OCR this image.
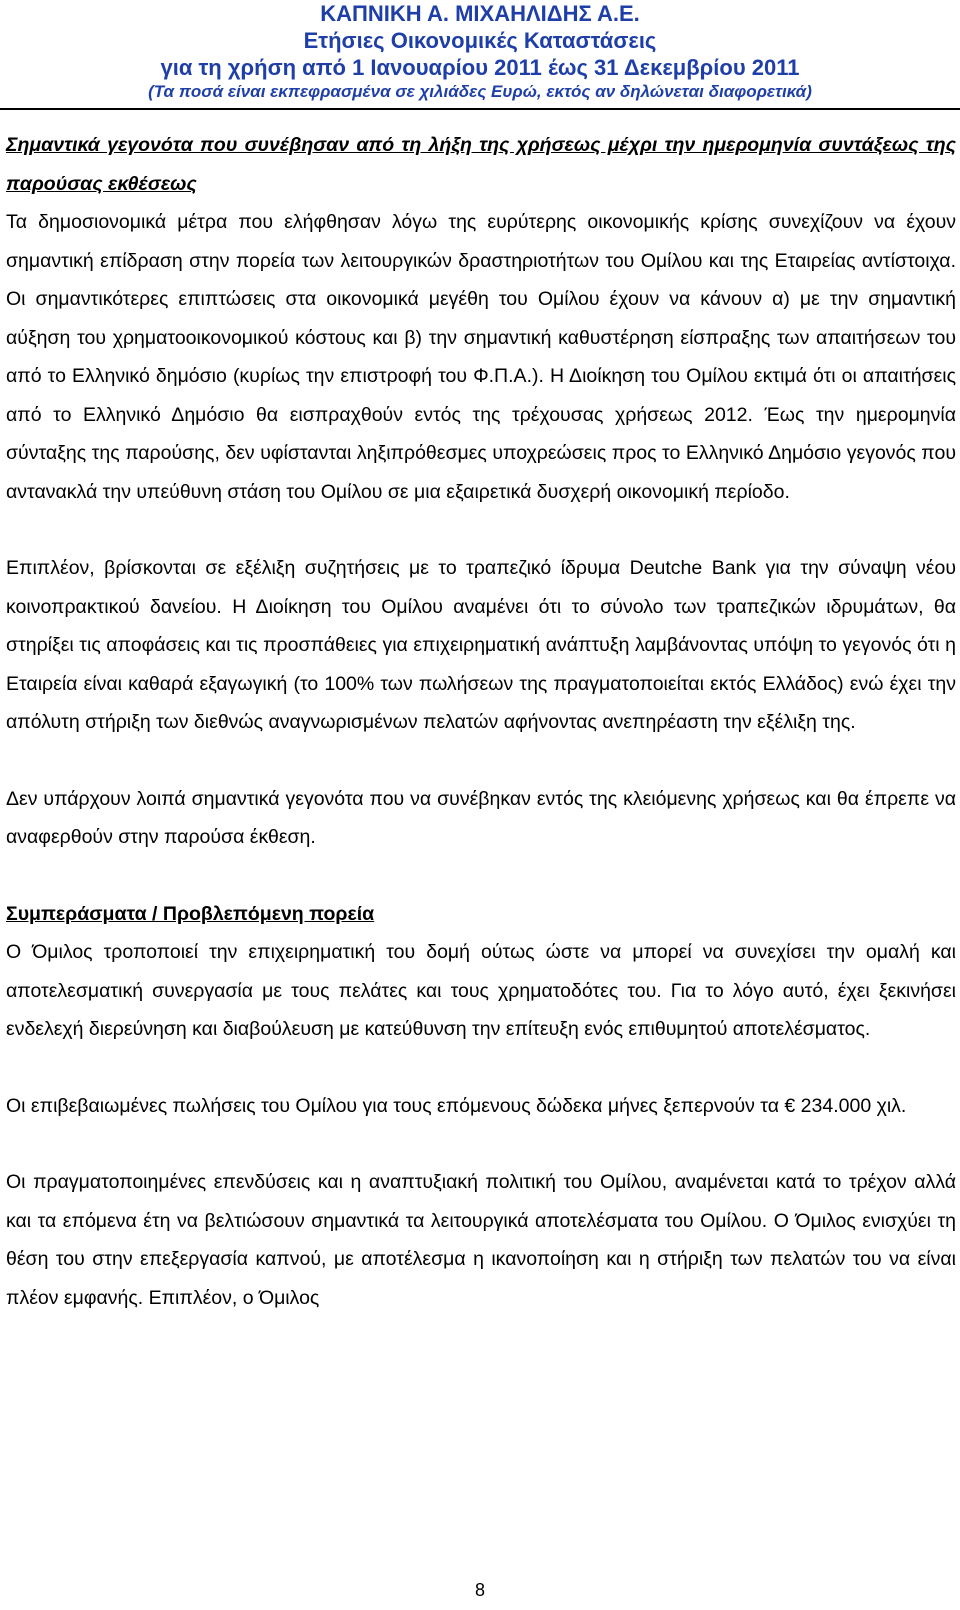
ΚΑΠΝΙΚΗ Α. ΜΙΧΑΗΛΙΔΗΣ Α.Ε.
Ετήσιες Οικονομικές Καταστάσεις
για τη χρήση από 1 Ιανουαρίου 2011 έως 31 Δεκεμβρίου 2011
(Τα ποσά είναι εκπεφρασμένα σε χιλιάδες Ευρώ, εκτός αν δηλώνεται διαφορετικά)

Σημαντικά γεγονότα που συνέβησαν από τη λήξη της χρήσεως μέχρι την ημερομηνία συντάξεως της παρούσας εκθέσεως

Τα δημοσιονομικά μέτρα που ελήφθησαν λόγω της ευρύτερης οικονομικής κρίσης συνεχίζουν να έχουν σημαντική επίδραση στην πορεία των λειτουργικών δραστηριοτήτων του Ομίλου και της Εταιρείας αντίστοιχα. Οι σημαντικότερες επιπτώσεις στα οικονομικά μεγέθη του Ομίλου έχουν να κάνουν α) με την σημαντική αύξηση του χρηματοοικονομικού κόστους και β) την σημαντική καθυστέρηση είσπραξης των απαιτήσεων του από το Ελληνικό δημόσιο (κυρίως την επιστροφή του Φ.Π.Α.). Η Διοίκηση του Ομίλου εκτιμά ότι οι απαιτήσεις από το Ελληνικό Δημόσιο θα εισπραχθούν εντός της τρέχουσας χρήσεως 2012. Έως την ημερομηνία σύνταξης της παρούσης, δεν υφίστανται ληξιπρόθεσμες υποχρεώσεις προς το Ελληνικό Δημόσιο γεγονός που αντανακλά την υπεύθυνη στάση του Ομίλου σε μια εξαιρετικά δυσχερή οικονομική περίοδο.

Επιπλέον, βρίσκονται σε εξέλιξη συζητήσεις με το τραπεζικό ίδρυμα Deutche Bank για την σύναψη νέου κοινοπρακτικού δανείου. Η Διοίκηση του Ομίλου αναμένει ότι το σύνολο των τραπεζικών ιδρυμάτων, θα στηρίξει τις αποφάσεις και τις προσπάθειες για επιχειρηματική ανάπτυξη λαμβάνοντας υπόψη το γεγονός ότι η Εταιρεία είναι καθαρά εξαγωγική (το 100% των πωλήσεων της πραγματοποιείται εκτός Ελλάδος) ενώ έχει την απόλυτη στήριξη των διεθνώς αναγνωρισμένων πελατών αφήνοντας ανεπηρέαστη την εξέλιξη της.

Δεν υπάρχουν λοιπά σημαντικά γεγονότα που να συνέβηκαν εντός της κλειόμενης χρήσεως και θα έπρεπε να αναφερθούν στην παρούσα έκθεση.

Συμπεράσματα / Προβλεπόμενη πορεία

Ο Όμιλος τροποποιεί την επιχειρηματική του δομή ούτως ώστε να μπορεί να συνεχίσει την ομαλή και αποτελεσματική συνεργασία με τους πελάτες και τους χρηματοδότες του. Για το λόγο αυτό, έχει ξεκινήσει ενδελεχή διερεύνηση και διαβούλευση με κατεύθυνση την επίτευξη ενός επιθυμητού αποτελέσματος.

Οι επιβεβαιωμένες πωλήσεις του Ομίλου για τους επόμενους δώδεκα μήνες ξεπερνούν τα € 234.000 χιλ.

Οι πραγματοποιημένες επενδύσεις και η αναπτυξιακή πολιτική του Ομίλου, αναμένεται κατά το τρέχον αλλά και τα επόμενα έτη να βελτιώσουν σημαντικά τα λειτουργικά αποτελέσματα του Ομίλου. Ο Όμιλος ενισχύει τη θέση του στην επεξεργασία καπνού, με αποτέλεσμα η ικανοποίηση και η στήριξη των πελατών του να είναι πλέον εμφανής. Επιπλέον, ο Όμιλος

8
